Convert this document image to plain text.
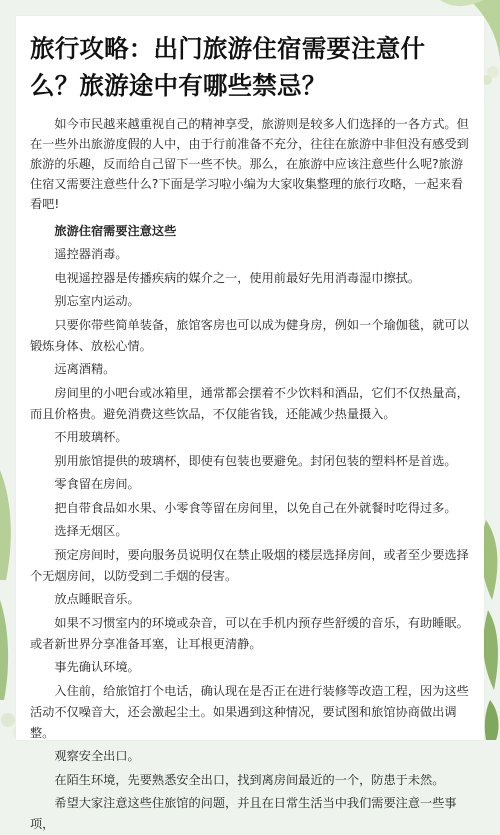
旅行攻略：出门旅游住宿需要注意什么？旅游途中有哪些禁忌？

如今市民越来越重视自己的精神享受，旅游则是较多人们选择的一各方式。但在一些外出旅游度假的人中，由于行前准备不充分，往往在旅游中非但没有感受到旅游的乐趣，反而给自己留下一些不快。那么，在旅游中应该注意些什么呢?旅游住宿又需要注意些什么?下面是学习啦小编为大家收集整理的旅行攻略，一起来看看吧!

旅游住宿需要注意这些
遥控器消毒。
电视遥控器是传播疾病的媒介之一，使用前最好先用消毒湿巾擦拭。
别忘室内运动。
只要你带些简单装备，旅馆客房也可以成为健身房，例如一个瑜伽毯，就可以锻炼身体、放松心情。
远离酒精。
房间里的小吧台或冰箱里，通常都会摆着不少饮料和酒品，它们不仅热量高，而且价格贵。避免消费这些饮品，不仅能省钱，还能减少热量摄入。
不用玻璃杯。
别用旅馆提供的玻璃杯，即使有包装也要避免。封闭包装的塑料杯是首选。
零食留在房间。
把自带食品如水果、小零食等留在房间里，以免自己在外就餐时吃得过多。
选择无烟区。
预定房间时，要向服务员说明仅在禁止吸烟的楼层选择房间，或者至少要选择个无烟房间，以防受到二手烟的侵害。
放点睡眠音乐。
如果不习惯室内的环境或杂音，可以在手机内预存些舒缓的音乐，有助睡眠。或者新世界分享准备耳塞，让耳根更清静。
事先确认环境。
入住前，给旅馆打个电话，确认现在是否正在进行装修等改造工程，因为这些活动不仅噪音大，还会激起尘土。如果遇到这种情况，要试图和旅馆协商做出调整。
观察安全出口。
在陌生环境，先要熟悉安全出口，找到离房间最近的一个，防患于未然。
希望大家注意这些住旅馆的问题，并且在日常生活当中我们需要注意一些事项，
